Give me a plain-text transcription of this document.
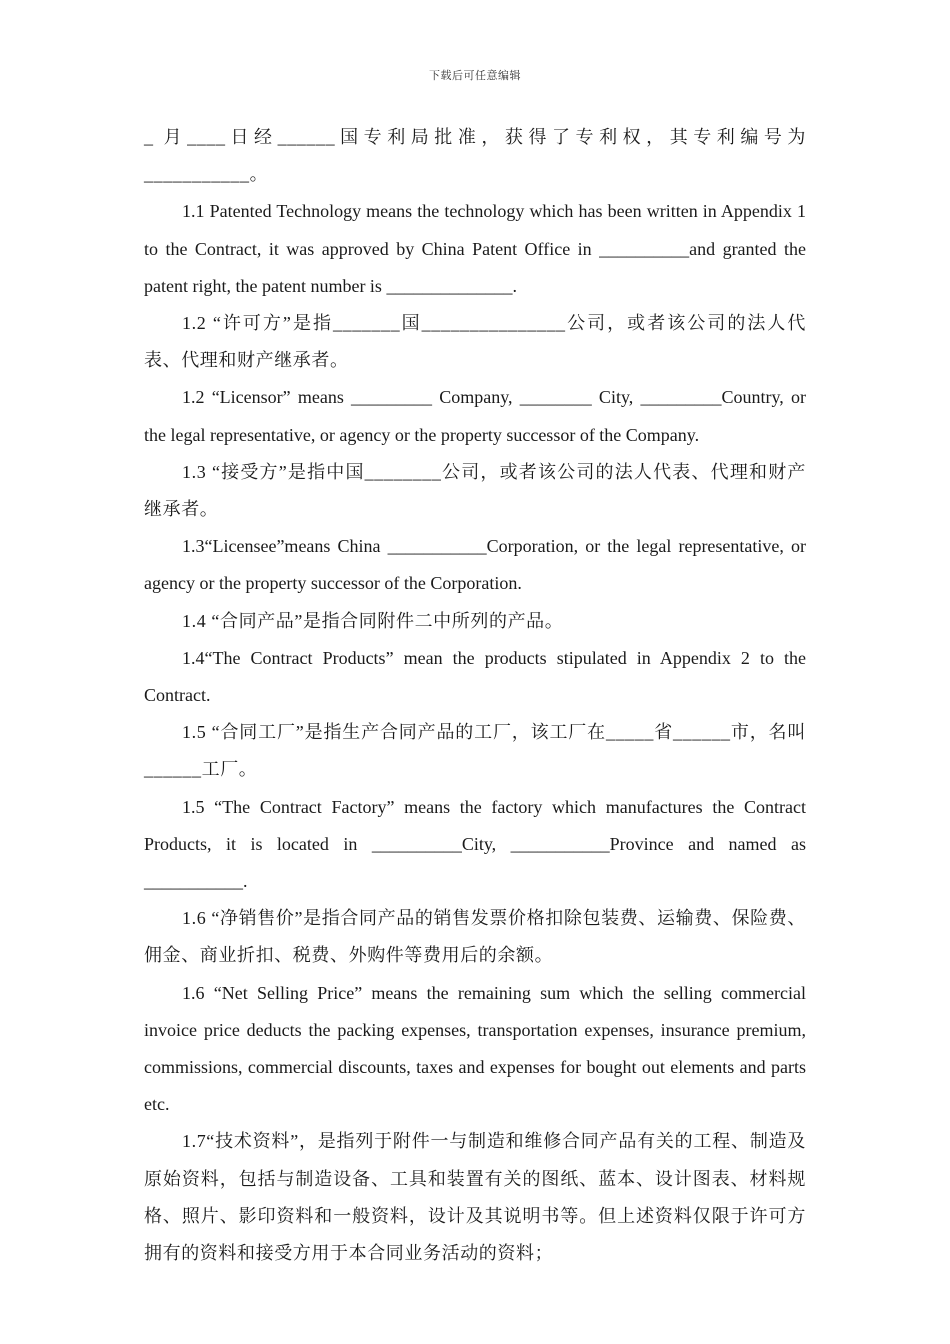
下载后可任意编辑

_ 月____日经______国专利局批准，获得了专利权，其专利编号为___________。

1.1 Patented Technology means the technology which has been written in Appendix 1 to the Contract, it was approved by China Patent Office in __________and granted the patent right, the patent number is ______________.

1.2 “许可方”是指_______国_______________公司，或者该公司的法人代表、代理和财产继承者。

1.2 “Licensor” means _________ Company, ________ City, _________Country, or the legal representative, or agency or the property successor of the Company.

1.3 “接受方”是指中国________公司，或者该公司的法人代表、代理和财产继承者。

1.3“Licensee”means China ___________Corporation, or the legal representative, or agency or the property successor of the Corporation.

1.4 “合同产品”是指合同附件二中所列的产品。

1.4“The Contract Products” mean the products stipulated in Appendix 2 to the Contract.

1.5 “合同工厂”是指生产合同产品的工厂，该工厂在_____省______市，名叫______工厂。

1.5 “The Contract Factory” means the factory which manufactures the Contract Products, it is located in __________City, ___________Province and named as ___________.

1.6 “净销售价”是指合同产品的销售发票价格扣除包装费、运输费、保险费、佣金、商业折扣、税费、外购件等费用后的余额。

1.6 “Net Selling Price” means the remaining sum which the selling commercial invoice price deducts the packing expenses, transportation expenses, insurance premium, commissions, commercial discounts, taxes and expenses for bought out elements and parts etc.

1.7“技术资料”，是指列于附件一与制造和维修合同产品有关的工程、制造及原始资料，包括与制造设备、工具和装置有关的图纸、蓝本、设计图表、材料规格、照片、影印资料和一般资料，设计及其说明书等。但上述资料仅限于许可方拥有的资料和接受方用于本合同业务活动的资料；
